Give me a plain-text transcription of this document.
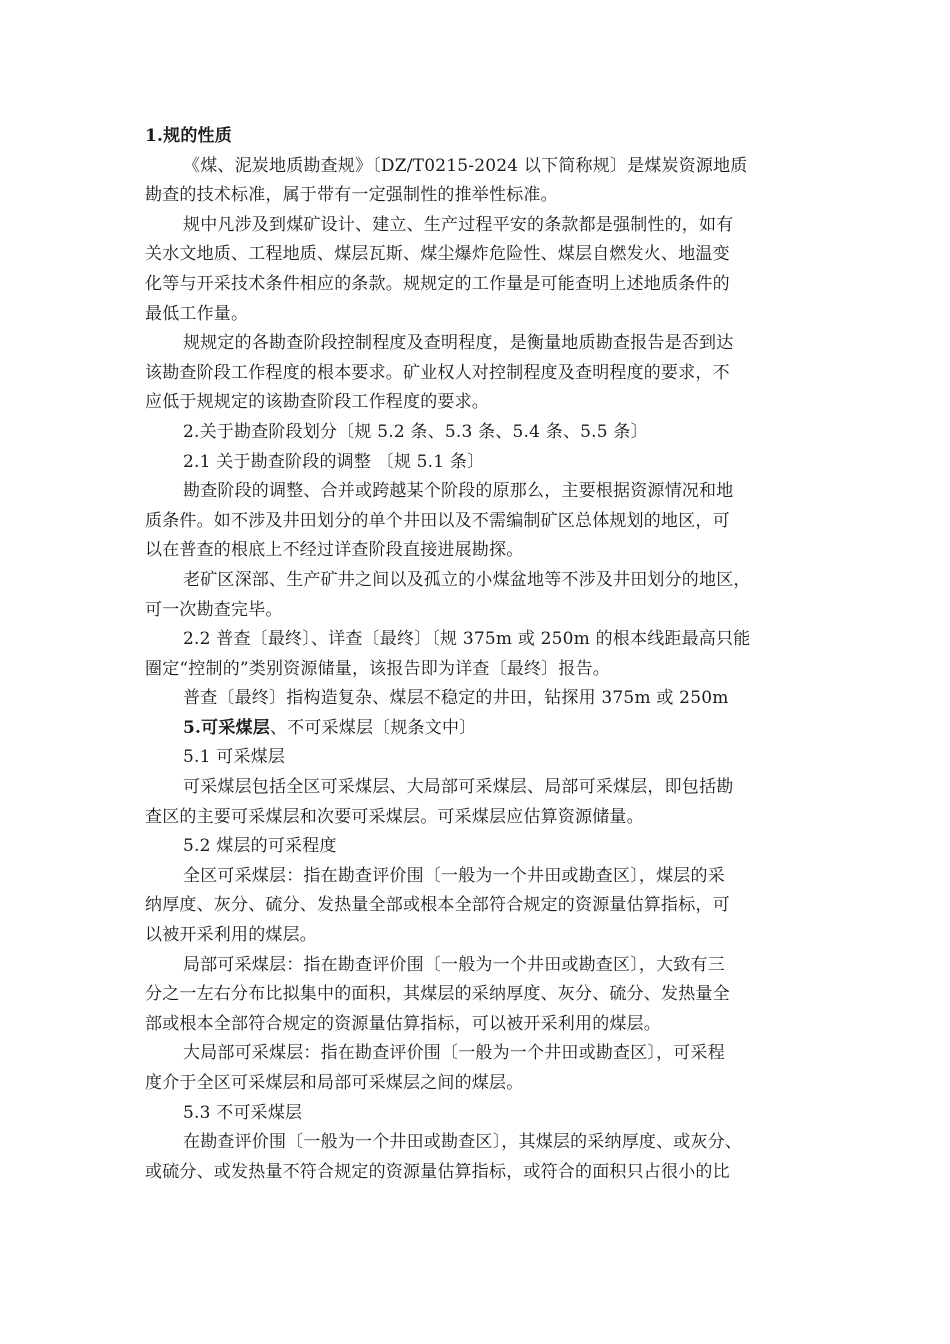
1.规的性质
《煤、泥炭地质勘查规》〔DZ/T0215-2024 以下简称规〕是煤炭资源地质
勘查的技术标准，属于带有一定强制性的推举性标准。
规中凡涉及到煤矿设计、建立、生产过程平安的条款都是强制性的，如有
关水文地质、工程地质、煤层瓦斯、煤尘爆炸危险性、煤层自燃发火、地温变
化等与开采技术条件相应的条款。规规定的工作量是可能查明上述地质条件的
最低工作量。
规规定的各勘查阶段控制程度及查明程度，是衡量地质勘查报告是否到达
该勘查阶段工作程度的根本要求。矿业权人对控制程度及查明程度的要求，不
应低于规规定的该勘查阶段工作程度的要求。
2.关于勘查阶段划分〔规 5.2 条、5.3 条、5.4 条、5.5 条〕
2.1 关于勘查阶段的调整 〔规 5.1 条〕
勘查阶段的调整、合并或跨越某个阶段的原那么，主要根据资源情况和地
质条件。如不涉及井田划分的单个井田以及不需编制矿区总体规划的地区，可
以在普查的根底上不经过详查阶段直接进展勘探。
老矿区深部、生产矿井之间以及孤立的小煤盆地等不涉及井田划分的地区，
可一次勘查完毕。
2.2 普查〔最终〕、详查〔最终〕〔规 375m 或 250m 的根本线距最高只能
圈定“控制的”类别资源储量，该报告即为详查〔最终〕报告。
普查〔最终〕指构造复杂、煤层不稳定的井田，钻探用 375m 或 250m
5.可采煤层、不可采煤层〔规条文中〕
5.1 可采煤层
可采煤层包括全区可采煤层、大局部可采煤层、局部可采煤层，即包括勘
查区的主要可采煤层和次要可采煤层。可采煤层应估算资源储量。
5.2 煤层的可采程度
全区可采煤层：指在勘查评价围〔一般为一个井田或勘查区〕，煤层的采
纳厚度、灰分、硫分、发热量全部或根本全部符合规定的资源量估算指标，可
以被开采利用的煤层。
局部可采煤层：指在勘查评价围〔一般为一个井田或勘查区〕，大致有三
分之一左右分布比拟集中的面积，其煤层的采纳厚度、灰分、硫分、发热量全
部或根本全部符合规定的资源量估算指标，可以被开采利用的煤层。
大局部可采煤层：指在勘查评价围〔一般为一个井田或勘查区〕，可采程
度介于全区可采煤层和局部可采煤层之间的煤层。
5.3 不可采煤层
在勘查评价围〔一般为一个井田或勘查区〕，其煤层的采纳厚度、或灰分、
或硫分、或发热量不符合规定的资源量估算指标，或符合的面积只占很小的比
